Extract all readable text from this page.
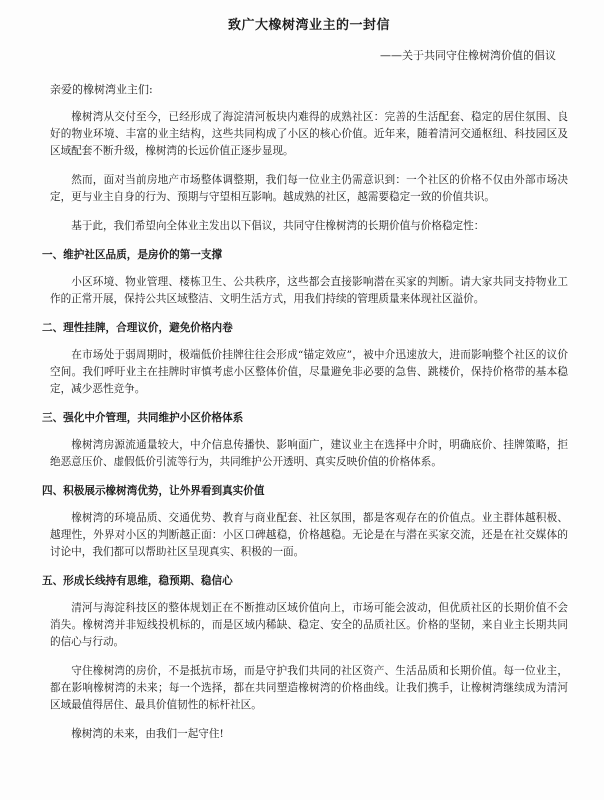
致广大橡树湾业主的一封信
——关于共同守住橡树湾价值的倡议
亲爱的橡树湾业主们:

橡树湾从交付至今，已经形成了海淀清河板块内难得的成熟社区：完善的生活配套、稳定的居住氛围、良好的物业环境、丰富的业主结构，这些共同构成了小区的核心价值。近年来，随着清河交通枢纽、科技园区及区域配套不断升级，橡树湾的长远价值正逐步显现。

然而，面对当前房地产市场整体调整期，我们每一位业主仍需意识到：一个社区的价格不仅由外部市场决定，更与业主自身的行为、预期与守望相互影响。越成熟的社区，越需要稳定一致的价值共识。

基于此，我们希望向全体业主发出以下倡议，共同守住橡树湾的长期价值与价格稳定性：

一、维护社区品质，是房价的第一支撑

小区环境、物业管理、楼栋卫生、公共秩序，这些都会直接影响潜在买家的判断。请大家共同支持物业工作的正常开展，保持公共区域整洁、文明生活方式，用我们持续的管理质量来体现社区溢价。

二、理性挂牌，合理议价，避免价格内卷

在市场处于弱周期时，极端低价挂牌往往会形成“锚定效应”，被中介迅速放大，进而影响整个社区的议价空间。我们呼吁业主在挂牌时审慎考虑小区整体价值，尽量避免非必要的急售、跳楼价，保持价格带的基本稳定，减少恶性竞争。

三、强化中介管理，共同维护小区价格体系

橡树湾房源流通量较大，中介信息传播快、影响面广，建议业主在选择中介时，明确底价、挂牌策略，拒绝恶意压价、虚假低价引流等行为，共同维护公开透明、真实反映价值的价格体系。

四、积极展示橡树湾优势，让外界看到真实价值

橡树湾的环境品质、交通优势、教育与商业配套、社区氛围，都是客观存在的价值点。业主群体越积极、越理性，外界对小区的判断越正面：小区口碑越稳，价格越稳。无论是在与潜在买家交流，还是在社交媒体的讨论中，我们都可以帮助社区呈现真实、积极的一面。

五、形成长线持有思维，稳预期、稳信心

清河与海淀科技区的整体规划正在不断推动区域价值向上，市场可能会波动，但优质社区的长期价值不会消失。橡树湾并非短线投机标的，而是区域内稀缺、稳定、安全的品质社区。价格的坚韧，来自业主长期共同的信心与行动。

守住橡树湾的房价，不是抵抗市场，而是守护我们共同的社区资产、生活品质和长期价值。每一位业主，都在影响橡树湾的未来；每一个选择，都在共同塑造橡树湾的价格曲线。让我们携手，让橡树湾继续成为清河区域最值得居住、最具价值韧性的标杆社区。

橡树湾的未来，由我们一起守住!
